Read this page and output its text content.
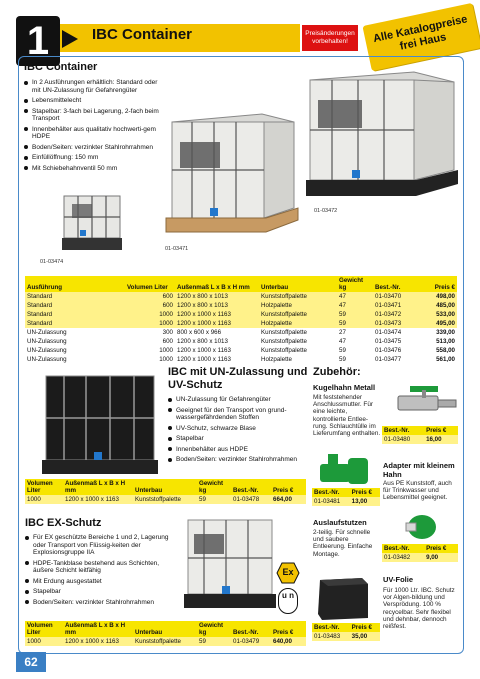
1	IBC Container	Preisänderungen vorbehalten!	Alle Katalogpreise frei Haus
IBC Container
In 2 Ausführungen erhältlich: Standard oder mit UN-Zulassung für Gefahrengüter
Lebensmittelecht
Stapelbar: 3-fach bei Lagerung, 2-fach beim Transport
Innenbehälter aus qualitativ hochwerti-gem HDPE
Boden/Seiten: verzinkter Stahlrohrrahmen
Einfüllöffnung: 150 mm
Mit Schiebehahnventil 50 mm
01-03474
01-03471
01-03472
Ausführung	Volumen Liter	Außenmaß L x B x H mm	Unterbau	Gewicht kg	Best.-Nr.	Preis €
Standard	600	1200 x 800 x 1013	Kunststoffpalette	47	01-03470	498,00
Standard	600	1200 x 800 x 1013	Holzpalette	47	01-03471	485,00
Standard	1000	1200 x 1000 x 1163	Kunststoffpalette	59	01-03472	533,00
Standard	1000	1200 x 1000 x 1163	Holzpalette	59	01-03473	495,00
UN-Zulassung	300	800 x 600 x 966	Kunststoffpalette	27	01-03474	339,00
UN-Zulassung	600	1200 x 800 x 1013	Kunststoffpalette	47	01-03475	513,00
UN-Zulassung	1000	1200 x 1000 x 1163	Kunststoffpalette	59	01-03476	558,00
UN-Zulassung	1000	1200 x 1000 x 1163	Holzpalette	59	01-03477	561,00
IBC mit UN-Zulassung und UV-Schutz
UN-Zulassung für Gefahrengüter
Geeignet für den Transport von grund-wassergefährdenden Stoffen
UV-Schutz, schwarze Blase
Stapelbar
Innenbehälter aus HDPE
Boden/Seiten: verzinkter Stahlrohrrahmen
Volumen Liter	Außenmaß L x B x H mm	Unterbau	Gewicht kg	Best.-Nr.	Preis €
1000	1200 x 1000 x 1163	Kunststoffpalette	59	01-03478	664,00
IBC EX-Schutz
Für EX geschützte Bereiche 1 und 2, Lagerung oder Transport von Flüssig-keiten der Explosionsgruppe IIA
HDPE-Tankblase bestehend aus Schichten, äußere Schicht leitfähig
Mit Erdung ausgestattet
Stapelbar
Boden/Seiten: verzinkter Stahlrohrrahmen
Ex
u n
Volumen Liter	Außenmaß L x B x H mm	Unterbau	Gewicht kg	Best.-Nr.	Preis €
1000	1200 x 1000 x 1163	Kunststoffpalette	59	01-03479	640,00
Zubehör:
Kugelhahn Metall
Mit feststehender Anschlussmutter. Für eine leichte, kontrollierte Entlee-rung. Schlauchtülle im Lieferumfang enthalten. Best.-Nr.	Preis €
01-03480	16,00
Best.-Nr.	Preis €
01-03481	13,00
Adapter mit kleinem Hahn
Aus PE Kunststoff, auch für Trinkwasser und Lebensmittel geeignet.
Best.-Nr.	Preis €
01-03482	9,00
Auslaufstutzen
2-teilig. Für schnelle und saubere Entleerung. Einfache Montage.
Best.-Nr.	Preis €
01-03483	35,00
UV-Folie
Für 1000 Ltr. IBC. Schutz vor Algen-bildung und Versprödung. 100 % recycelbar. Sehr flexibel und dehnbar, dennoch reißfest.
62
